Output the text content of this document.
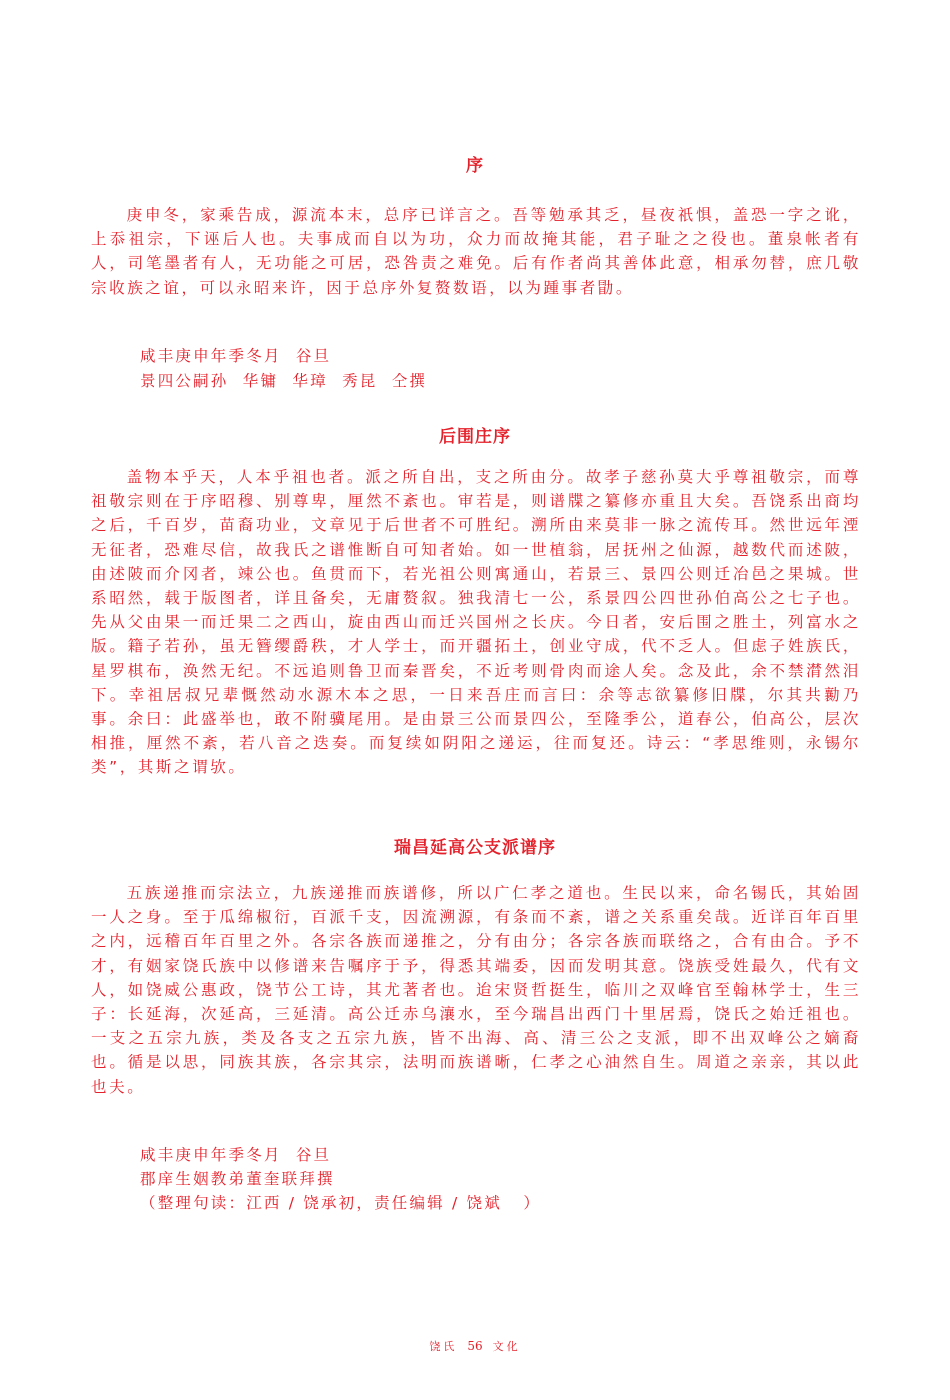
序

庚申冬，家乘告成，源流本末，总序已详言之。吾等勉承其乏，昼夜祇惧，盖恐一字之讹，上忝祖宗，下诬后人也。夫事成而自以为功，众力而故掩其能，君子耻之之役也。董泉帐者有人，司笔墨者有人，无功能之可居，恐咎责之难免。后有作者尚其善体此意，相承勿替，庶几敬宗收族之谊，可以永昭来许，因于总序外复赘数语，以为踵事者勖。

咸丰庚申年季冬月  谷旦

景四公嗣孙  华镛  华璋  秀昆  仝撰

后围庄序

盖物本乎天，人本乎祖也者。派之所自出，支之所由分。故孝子慈孙莫大乎尊祖敬宗，而尊祖敬宗则在于序昭穆、别尊卑，厘然不紊也。审若是，则谱牒之纂修亦重且大矣。吾饶系出商均之后，千百岁，苗裔功业，文章见于后世者不可胜纪。溯所由来莫非一脉之流传耳。然世远年湮无征者，恐难尽信，故我氏之谱惟断自可知者始。如一世植翁，居抚州之仙源，越数代而述陂，由述陂而介冈者，竦公也。鱼贯而下，若光祖公则寓通山，若景三、景四公则迁冶邑之果城。世系昭然，载于版图者，详且备矣，无庸赘叙。独我清七一公，系景四公四世孙伯高公之七子也。先从父由果一而迁果二之西山，旋由西山而迁兴国州之长庆。今日者，安后围之胜土，列富水之版。籍子若孙，虽无簪缨爵秩，才人学士，而开疆拓土，创业守成，代不乏人。但虑子姓族氏，星罗棋布，涣然无纪。不远追则鲁卫而秦晋矣，不近考则骨肉而途人矣。念及此，余不禁潸然泪下。幸祖居叔兄辈慨然动水源木本之思，一日来吾庄而言曰：余等志欲纂修旧牒，尔其共勷乃事。余曰：此盛举也，敢不附骥尾用。是由景三公而景四公，至隆季公，道春公，伯高公，层次相推，厘然不紊，若八音之迭奏。而复续如阴阳之递运，往而复还。诗云：“孝思维则，永锡尔类”，其斯之谓欤。

瑞昌延高公支派谱序

五族递推而宗法立，九族递推而族谱修，所以广仁孝之道也。生民以来，命名锡氏，其始固一人之身。至于瓜绵椒衍，百派千支，因流溯源，有条而不紊，谱之关系重矣哉。近详百年百里之内，远稽百年百里之外。各宗各族而递推之，分有由分；各宗各族而联络之，合有由合。予不才，有姻家饶氏族中以修谱来告嘱序于予，得悉其端委，因而发明其意。饶族受姓最久，代有文人，如饶威公惠政，饶节公工诗，其尤著者也。迨宋贤哲挺生，临川之双峰官至翰林学士，生三子：长延海，次延高，三延清。高公迁赤乌瀼水，至今瑞昌出西门十里居焉，饶氏之始迁祖也。一支之五宗九族，类及各支之五宗九族，皆不出海、高、清三公之支派，即不出双峰公之嫡裔也。循是以思，同族其族，各宗其宗，法明而族谱晰，仁孝之心油然自生。周道之亲亲，其以此也夫。

咸丰庚申年季冬月  谷旦

郡庠生姻教弟董奎联拜撰

（整理句读：江西 / 饶承初，责任编辑 / 饶斌   ）

饶氏 56 文化
